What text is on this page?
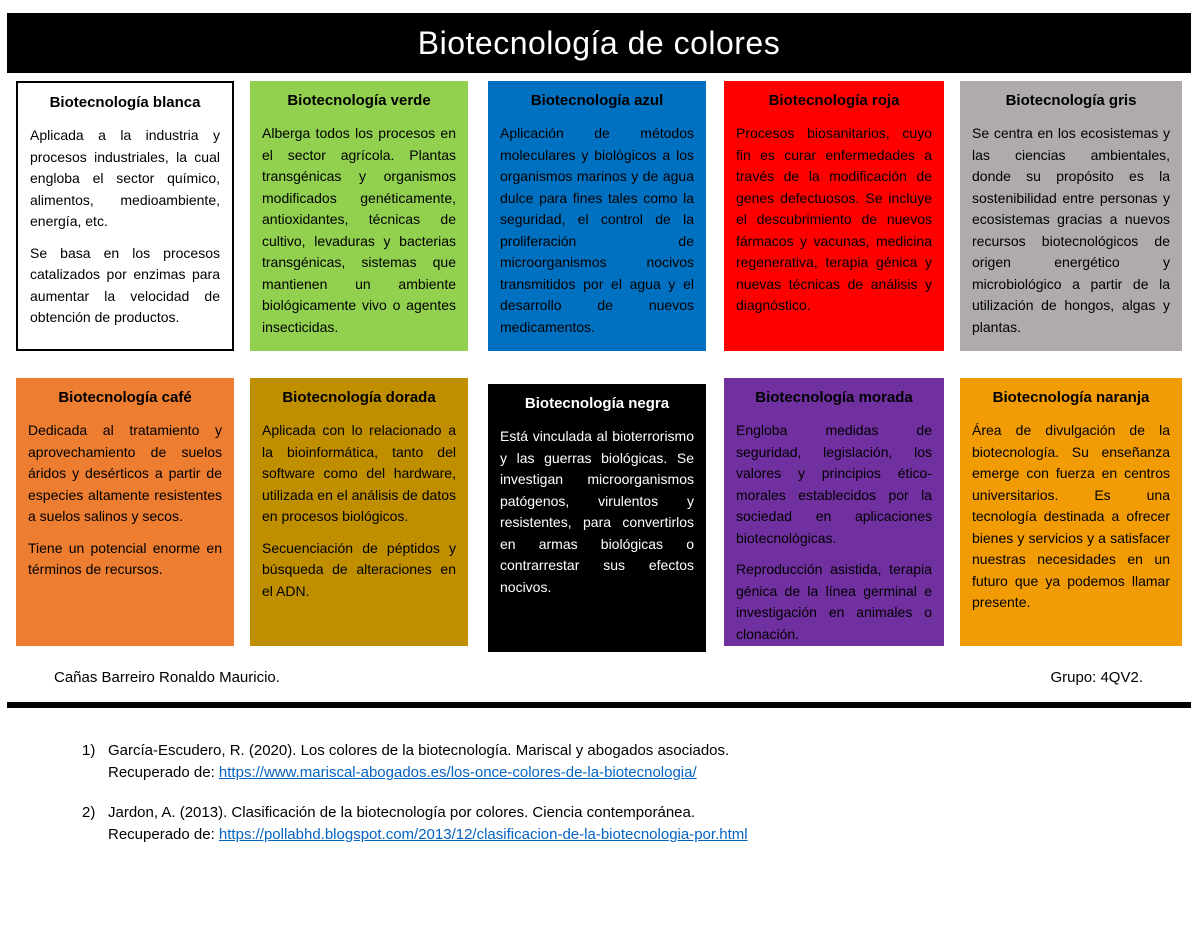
Biotecnología de colores
Biotecnología blanca

Aplicada a la industria y procesos industriales, la cual engloba el sector químico, alimentos, medioambiente, energía, etc.

Se basa en los procesos catalizados por enzimas para aumentar la velocidad de obtención de productos.

Biotecnología verde

Alberga todos los procesos en el sector agrícola. Plantas transgénicas y organismos modificados genéticamente, antioxidantes, técnicas de cultivo, levaduras y bacterias transgénicas, sistemas que mantienen un ambiente biológicamente vivo o agentes insecticidas.

Biotecnología azul

Aplicación de métodos moleculares y biológicos a los organismos marinos y de agua dulce para fines tales como la seguridad, el control de la proliferación de microorganismos nocivos transmitidos por el agua y el desarrollo de nuevos medicamentos.

Biotecnología roja

Procesos biosanitarios, cuyo fin es curar enfermedades a través de la modificación de genes defectuosos. Se incluye el descubrimiento de nuevos fármacos y vacunas, medicina regenerativa, terapia génica y nuevas técnicas de análisis y diagnóstico.

Biotecnología gris

Se centra en los ecosistemas y las ciencias ambientales, donde su propósito es la sostenibilidad entre personas y ecosistemas gracias a nuevos recursos biotecnológicos de origen energético y microbiológico a partir de la utilización de hongos, algas y plantas.

Biotecnología café

Dedicada al tratamiento y aprovechamiento de suelos áridos y desérticos a partir de especies altamente resistentes a suelos salinos y secos.

Tiene un potencial enorme en términos de recursos.

Biotecnología dorada

Aplicada con lo relacionado a la bioinformática, tanto del software como del hardware, utilizada en el análisis de datos en procesos biológicos.

Secuenciación de péptidos y búsqueda de alteraciones en el ADN.

Biotecnología negra

Está vinculada al bioterrorismo y las guerras biológicas. Se investigan microorganismos patógenos, virulentos y resistentes, para convertirlos en armas biológicas o contrarrestar sus efectos nocivos.

Biotecnología morada

Engloba medidas de seguridad, legislación, los valores y principios ético-morales establecidos por la sociedad en aplicaciones biotecnológicas.

Reproducción asistida, terapia génica de la línea germinal e investigación en animales o clonación.

Biotecnología naranja

Área de divulgación de la biotecnología. Su enseñanza emerge con fuerza en centros universitarios. Es una tecnología destinada a ofrecer bienes y servicios y a satisfacer nuestras necesidades en un futuro que ya podemos llamar presente.

Cañas Barreiro Ronaldo Mauricio.	Grupo: 4QV2.
1) García-Escudero, R. (2020). Los colores de la biotecnología. Mariscal y abogados asociados.
Recuperado de: https://www.mariscal-abogados.es/los-once-colores-de-la-biotecnologia/
2) Jardon, A. (2013). Clasificación de la biotecnología por colores. Ciencia contemporánea.
Recuperado de: https://pollabhd.blogspot.com/2013/12/clasificacion-de-la-biotecnologia-por.html
